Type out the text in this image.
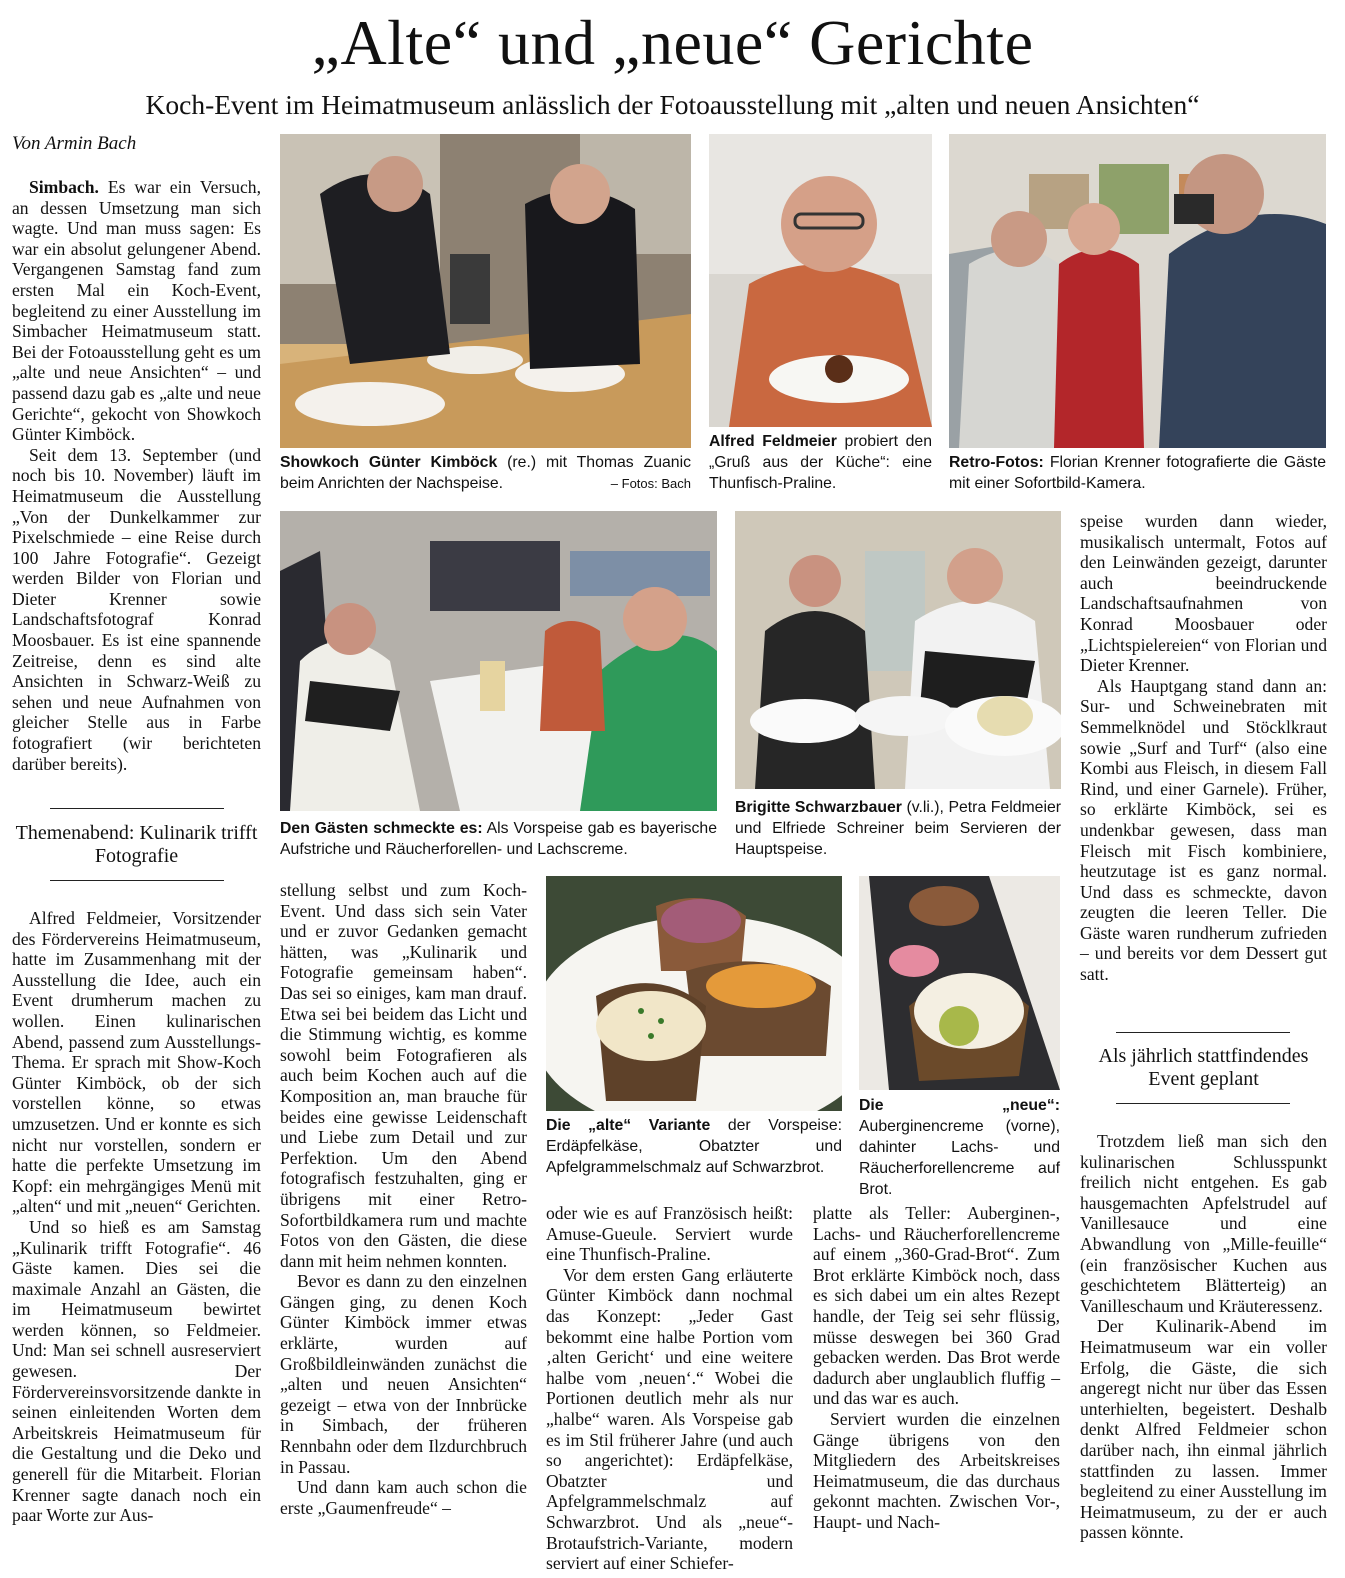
„Alte“ und „neue“ Gerichte
Koch-Event im Heimatmuseum anlässlich der Fotoausstellung mit „alten und neuen Ansichten“
Von Armin Bach

Simbach. Es war ein Versuch, an dessen Umsetzung man sich wagte. Und man muss sagen: Es war ein absolut gelungener Abend. Vergangenen Samstag fand zum ersten Mal ein Koch-Event, begleitend zu einer Ausstellung im Simbacher Heimatmuseum statt. Bei der Fotoausstellung geht es um „alte und neue Ansichten“ – und passend dazu gab es „alte und neue Gerichte“, gekocht von Showkoch Günter Kimböck.

Seit dem 13. September (und noch bis 10. November) läuft im Heimatmuseum die Ausstellung „Von der Dunkelkammer zur Pixelschmiede – eine Reise durch 100 Jahre Fotografie“. Gezeigt werden Bilder von Florian und Dieter Krenner sowie Landschaftsfotograf Konrad Moosbauer. Es ist eine spannende Zeitreise, denn es sind alte Ansichten in Schwarz-Weiß zu sehen und neue Aufnahmen von gleicher Stelle aus in Farbe fotografiert (wir berichteten darüber bereits).

Themenabend: Kulinarik trifft Fotografie

Alfred Feldmeier, Vorsitzender des Fördervereins Heimatmuseum, hatte im Zusammenhang mit der Ausstellung die Idee, auch ein Event drumherum machen zu wollen. Einen kulinarischen Abend, passend zum Ausstellungs-Thema. Er sprach mit Show-Koch Günter Kimböck, ob der sich vorstellen könne, so etwas umzusetzen. Und er konnte es sich nicht nur vorstellen, sondern er hatte die perfekte Umsetzung im Kopf: ein mehrgängiges Menü mit „alten“ und mit „neuen“ Gerichten.

Und so hieß es am Samstag „Kulinarik trifft Fotografie“. 46 Gäste kamen. Dies sei die maximale Anzahl an Gästen, die im Heimatmuseum bewirtet werden können, so Feldmeier. Und: Man sei schnell ausreserviert gewesen. Der Fördervereinsvorsitzende dankte in seinen einleitenden Worten dem Arbeitskreis Heimatmuseum für die Gestaltung und die Deko und generell für die Mitarbeit. Florian Krenner sagte danach noch ein paar Worte zur Aus-

Showkoch Günter Kimböck (re.) mit Thomas Zuanic beim Anrichten der Nachspeise.	– Fotos: Bach
Alfred Feldmeier probiert den „Gruß aus der Küche“: eine Thunfisch-Praline.
Retro-Fotos: Florian Krenner fotografierte die Gäste mit einer Sofortbild-Kamera.
Den Gästen schmeckte es: Als Vorspeise gab es bayerische Aufstriche und Räucherforellen- und Lachscreme.
Brigitte Schwarzbauer (v.li.), Petra Feldmeier und Elfriede Schreiner beim Servieren der Hauptspeise.

speise wurden dann wieder, musikalisch untermalt, Fotos auf den Leinwänden gezeigt, darunter auch beeindruckende Landschaftsaufnahmen von Konrad Moosbauer oder „Lichtspielereien“ von Florian und Dieter Krenner.

Als Hauptgang stand dann an: Sur- und Schweinebraten mit Semmelknödel und Stöcklkraut sowie „Surf and Turf“ (also eine Kombi aus Fleisch, in diesem Fall Rind, und einer Garnele). Früher, so erklärte Kimböck, sei es undenkbar gewesen, dass man Fleisch mit Fisch kombiniere, heutzutage ist es ganz normal. Und dass es schmeckte, davon zeugten die leeren Teller. Die Gäste waren rundherum zufrieden – und bereits vor dem Dessert gut satt.

Als jährlich stattfindendes Event geplant

Trotzdem ließ man sich den kulinarischen Schlusspunkt freilich nicht entgehen. Es gab hausgemachten Apfelstrudel auf Vanillesauce und eine Abwandlung von „Mille-feuille“ (ein französischer Kuchen aus geschichtetem Blätterteig) an Vanilleschaum und Kräuteressenz.

Der Kulinarik-Abend im Heimatmuseum war ein voller Erfolg, die Gäste, die sich angeregt nicht nur über das Essen unterhielten, begeistert. Deshalb denkt Alfred Feldmeier schon darüber nach, ihn einmal jährlich stattfinden zu lassen. Immer begleitend zu einer Ausstellung im Heimatmuseum, zu der er auch passen könnte.

stellung selbst und zum Koch-Event. Und dass sich sein Vater und er zuvor Gedanken gemacht hätten, was „Kulinarik und Fotografie gemeinsam haben“. Das sei so einiges, kam man drauf. Etwa sei bei beidem das Licht und die Stimmung wichtig, es komme sowohl beim Fotografieren als auch beim Kochen auch auf die Komposition an, man brauche für beides eine gewisse Leidenschaft und Liebe zum Detail und zur Perfektion. Um den Abend fotografisch festzuhalten, ging er übrigens mit einer Retro-Sofortbildkamera rum und machte Fotos von den Gästen, die diese dann mit heim nehmen konnten.

Bevor es dann zu den einzelnen Gängen ging, zu denen Koch Günter Kimböck immer etwas erklärte, wurden auf Großbildleinwänden zunächst die „alten und neuen Ansichten“ gezeigt – etwa von der Innbrücke in Simbach, der früheren Rennbahn oder dem Ilzdurchbruch in Passau.

Und dann kam auch schon die erste „Gaumenfreude“ –

Die „alte“ Variante der Vorspeise: Erdäpfelkäse, Obatzter und Apfelgrammelschmalz auf Schwarzbrot.
Die „neue“: Auberginencreme (vorne), dahinter Lachs- und Räucherforellencreme auf Brot.

oder wie es auf Französisch heißt: Amuse-Gueule. Serviert wurde eine Thunfisch-Praline.

Vor dem ersten Gang erläuterte Günter Kimböck dann nochmal das Konzept: „Jeder Gast bekommt eine halbe Portion vom ‚alten Gericht‘ und eine weitere halbe vom ‚neuen‘.“ Wobei die Portionen deutlich mehr als nur „halbe“ waren. Als Vorspeise gab es im Stil früherer Jahre (und auch so angerichtet): Erdäpfelkäse, Obatzter und Apfelgrammelschmalz auf Schwarzbrot. Und als „neue“-Brotaufstrich-Variante, modern serviert auf einer Schiefer-

platte als Teller: Auberginen-, Lachs- und Räucherforellencreme auf einem „360-Grad-Brot“. Zum Brot erklärte Kimböck noch, dass es sich dabei um ein altes Rezept handle, der Teig sei sehr flüssig, müsse deswegen bei 360 Grad gebacken werden. Das Brot werde dadurch aber unglaublich fluffig – und das war es auch.

Serviert wurden die einzelnen Gänge übrigens von den Mitgliedern des Arbeitskreises Heimatmuseum, die das durchaus gekonnt machten. Zwischen Vor-, Haupt- und Nach-
